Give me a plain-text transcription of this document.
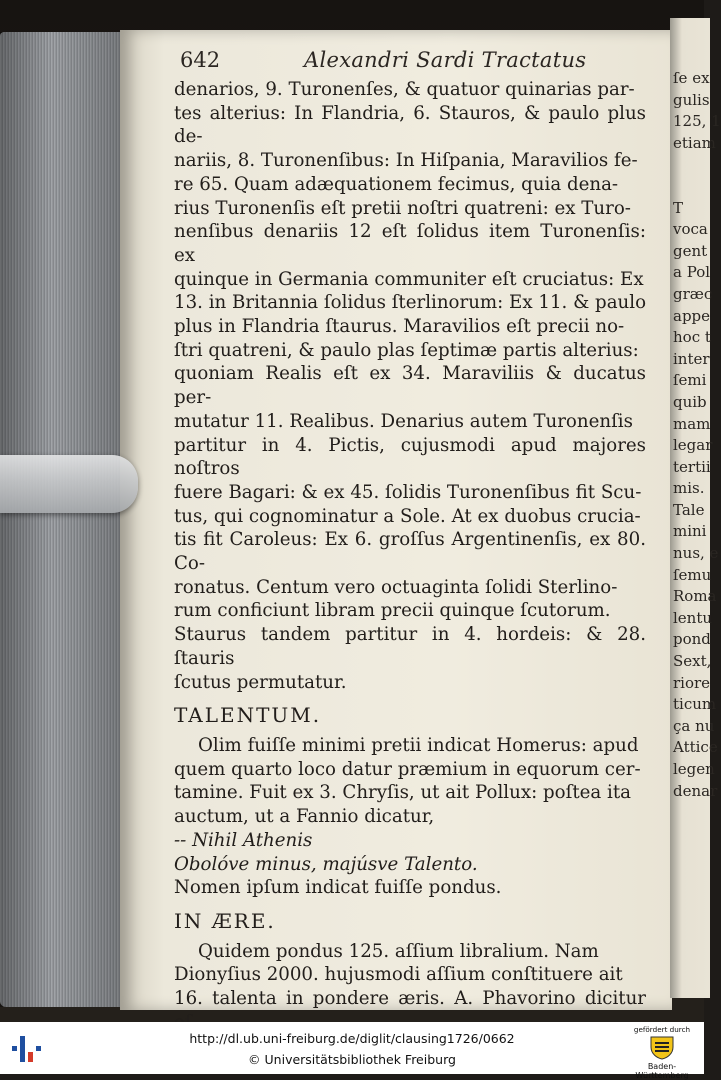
ſe ex
gulis
125, 1
etiam

T
voca
gent
a Pol
græc
appe
hoc t
inter
ſemi
quib
mam
legar
tertii
mis.
Tale
mini
nus, e
ſemu
Roma
lentu
pond
Sext,
riore
ticum
ça nu
Attice
legen
denar
642	Alexandri Sardi Tractatus

denarios, 9. Turonenſes, & quatuor quinarias par-

tes alterius: In Flandria, 6. Stauros, & paulo plus de-

nariis, 8. Turonenſibus: In Hiſpania, Maravilios fe-

re 65. Quam adæquationem fecimus, quia dena-

rius Turonenſis eſt pretii noſtri quatreni: ex Turo-

nenſibus denariis 12 eſt ſolidus item Turonenſis: ex

quinque in Germania communiter eſt cruciatus: Ex

13. in Britannia ſolidus ſterlinorum: Ex 11. & paulo

plus in Flandria ſtaurus. Maravilios eſt precii no-

ſtri quatreni, & paulo plas ſeptimæ partis alterius:

quoniam Realis eſt ex 34. Maraviliis & ducatus per-

mutatur 11. Realibus. Denarius autem Turonenſis

partitur in 4. Pictis, cujusmodi apud majores noſtros

fuere Bagari: & ex 45. ſolidis Turonenſibus fit Scu-

tus, qui cognominatur a Sole. At ex duobus crucia-

tis fit Caroleus: Ex 6. groſſus Argentinenſis, ex 80. Co-

ronatus. Centum vero octuaginta ſolidi Sterlino-

rum conficiunt libram precii quinque ſcutorum.

Staurus tandem partitur in 4. hordeis: & 28. ſtauris

ſcutus permutatur.

TALENTUM.

Olim fuiſſe minimi pretii indicat Homerus: apud

quem quarto loco datur præmium in equorum cer-

tamine. Fuit ex 3. Chryſis, ut ait Pollux: poſtea ita

auctum, ut a Fannio dicatur,

-- Nihil Athenis

Obolóve minus, majúsve Talento.

Nomen ipſum indicat fuiſſe pondus.

IN ÆRE.

Quidem pondus 125. aſſium libralium. Nam

Dionyſius 2000. hujusmodi aſſium conſtituere ait

16. talenta in pondere æris. A. Phavorino dicitur

http://dl.ub.uni-freiburg.de/diglit/clausing1726/0662
© Universitätsbibliothek Freiburg
gefördert durch
Baden-Württemberg
